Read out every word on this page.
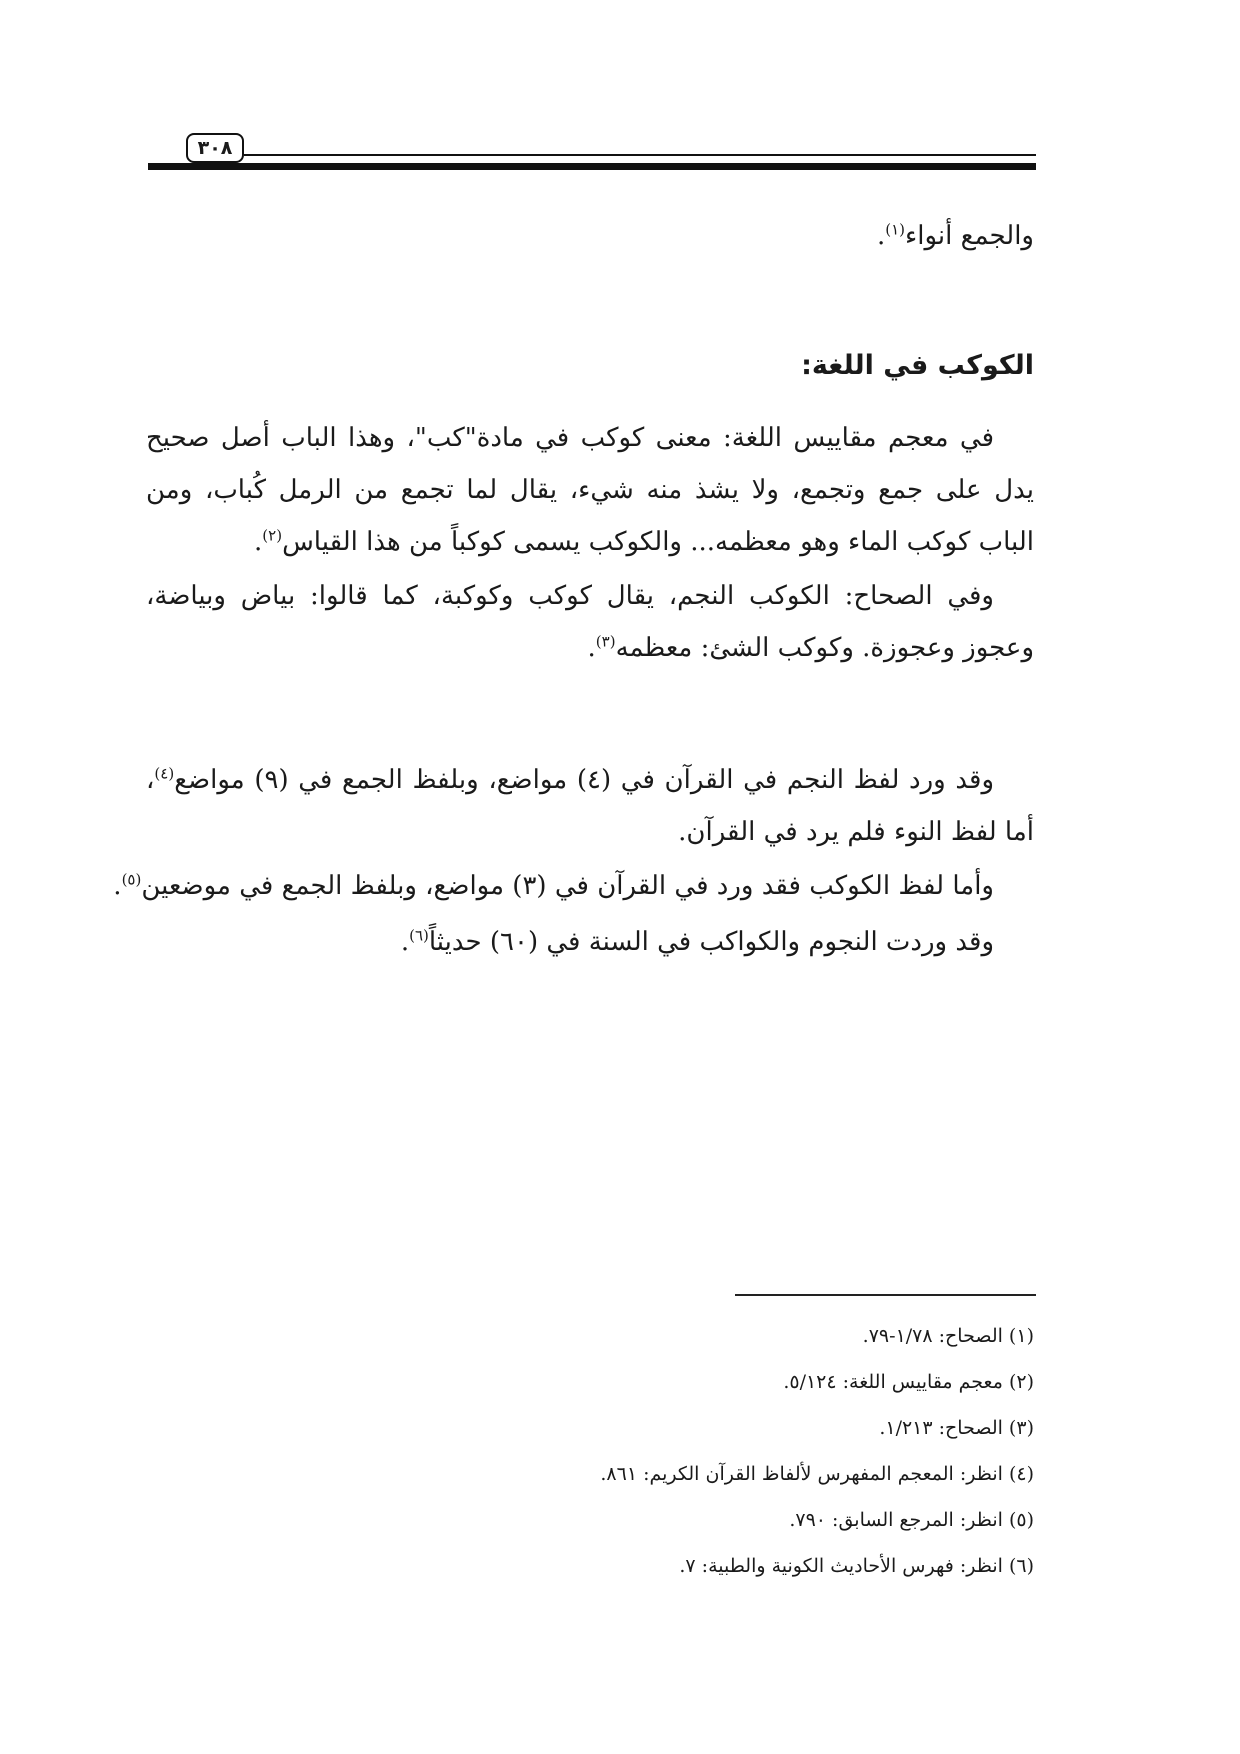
٣٠٨
والجمع أنواء$^{(١)}$.
الكوكب في اللغة:
في معجم مقاييس اللغة: معنى كوكب في مادة"كب"، وهذا الباب أصل صحيح يدل على جمع وتجمع، ولا يشذ منه شيء، يقال لما تجمع من الرمل كُباب، ومن الباب كوكب الماء وهو معظمه... والكوكب يسمى كوكباً من هذا القياس$^{(٢)}$.
وفي الصحاح: الكوكب النجم، يقال كوكب وكوكبة، كما قالوا: بياض وبياضة، وعجوز وعجوزة. وكوكب الشئ: معظمه$^{(٣)}$.
وقد ورد لفظ النجم في القرآن في (٤) مواضع، وبلفظ الجمع في (٩) مواضع$^{(٤)}$، أما لفظ النوء فلم يرد في القرآن.
وأما لفظ الكوكب فقد ورد في القرآن في (٣) مواضع، وبلفظ الجمع في موضعين$^{(٥)}$.
وقد وردت النجوم والكواكب في السنة في (٦٠) حديثاً$^{(٦)}$.
(١) الصحاح: ١/٧٨-٧٩.
(٢) معجم مقاييس اللغة: ٥/١٢٤.
(٣) الصحاح: ١/٢١٣.
(٤) انظر: المعجم المفهرس لألفاظ القرآن الكريم: ٨٦١.
(٥) انظر: المرجع السابق: ٧٩٠.
(٦) انظر: فهرس الأحاديث الكونية والطبية: ٧.
